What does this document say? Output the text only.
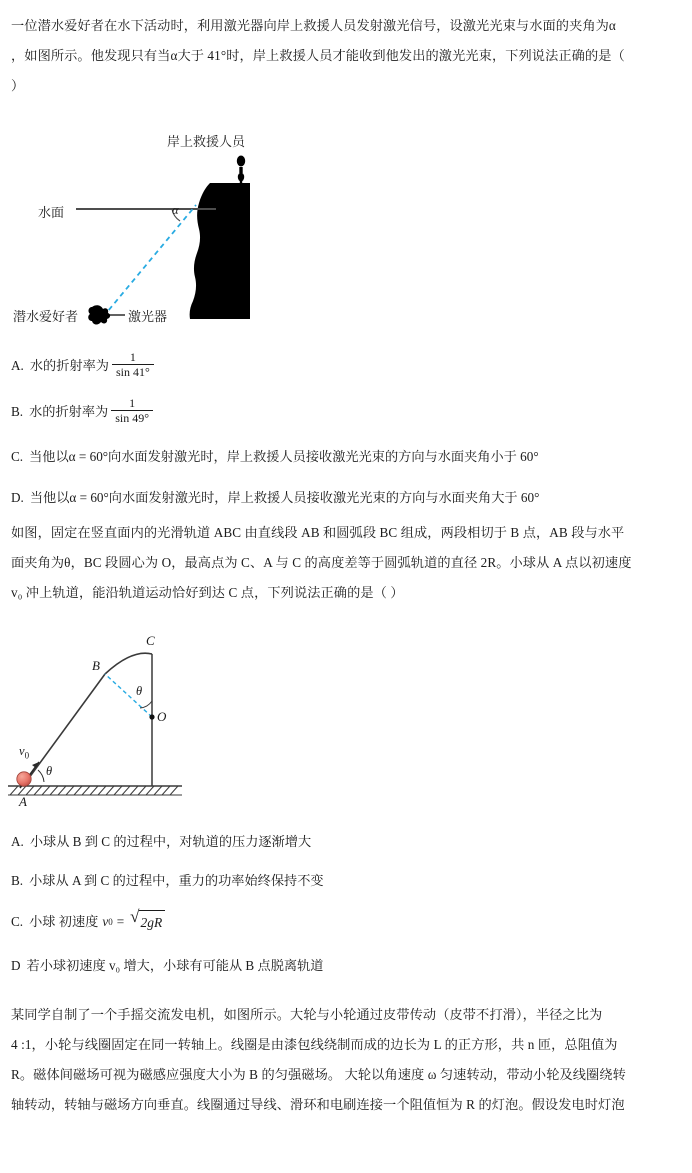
一位潜水爱好者在水下活动时，利用激光器向岸上救援人员发射激光信号，设激光光束与水面的夹角为α
，如图所示。他发现只有当α大于 41°时，岸上救援人员才能收到他发出的激光光束，下列说法正确的是（
）
岸上救援人员
水面	α
潜水爱好者	激光器
A. 水的折射率为 $\frac{1}{\sin 41^\circ}$
B. 水的折射率为 $\frac{1}{\sin 49^\circ}$
C. 当他以α = 60°向水面发射激光时，岸上救援人员接收激光光束的方向与水面夹角小于 60°
D. 当他以α = 60°向水面发射激光时，岸上救援人员接收激光光束的方向与水面夹角大于 60°
如图，固定在竖直面内的光滑轨道 ABC 由直线段 AB 和圆弧段 BC 组成，两段相切于 B 点，AB 段与水平
面夹角为θ，BC 段圆心为 O，最高点为 C、A 与 C 的高度差等于圆弧轨道的直径 2R。小球从 A 点以初速度
v₀ 冲上轨道，能沿轨道运动恰好到达 C 点，下列说法正确的是（ ）
C
B
O
θ
θ
$v_0$
A
A. 小球从 B 到 C 的过程中，对轨道的压力逐渐增大
B. 小球从 A 到 C 的过程中，重力的功率始终保持不变
C. 小球 初速度 v 0 = √ 2gR
D 若小球初速度 v₀ 增大，小球有可能从 B 点脱离轨道
某同学自制了一个手摇交流发电机，如图所示。大轮与小轮通过皮带传动（皮带不打滑），半径之比为
4 :1，小轮与线圈固定在同一转轴上。线圈是由漆包线绕制而成的边长为 L 的正方形，共 n 匝，总阻值为
R。磁体间磁场可视为磁感应强度大小为 B 的匀强磁场。 大轮以角速度 ω 匀速转动，带动小轮及线圈绕转
轴转动，转轴与磁场方向垂直。线圈通过导线、滑环和电刷连接一个阻值恒为 R 的灯泡。假设发电时灯泡
